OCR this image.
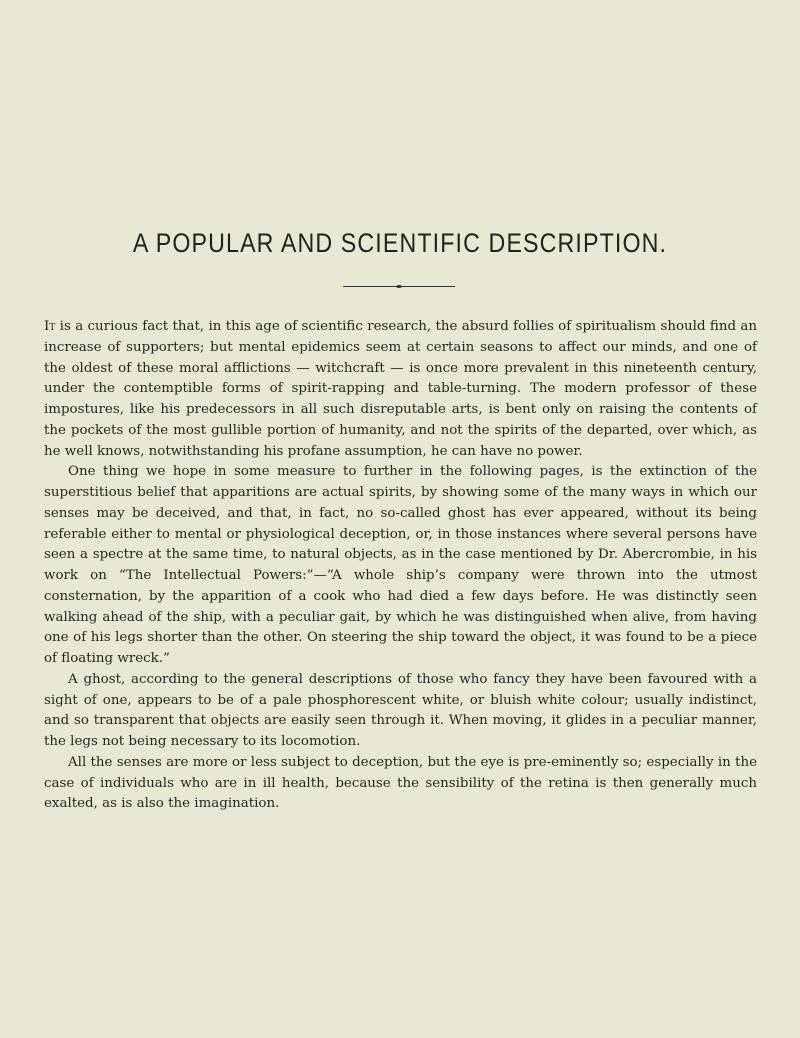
A POPULAR AND SCIENTIFIC DESCRIPTION.

It is a curious fact that, in this age of scientific research, the absurd follies of spiritualism should find an increase of supporters; but mental epidemics seem at certain seasons to affect our minds, and one of the oldest of these moral afflictions — witchcraft — is once more prevalent in this nineteenth century, under the contemptible forms of spirit-rapping and table-turning. The modern professor of these impostures, like his predecessors in all such disreputable arts, is bent only on raising the contents of the pockets of the most gullible portion of humanity, and not the spirits of the departed, over which, as he well knows, notwithstanding his profane assumption, he can have no power.

One thing we hope in some measure to further in the following pages, is the extinction of the superstitious belief that apparitions are actual spirits, by showing some of the many ways in which our senses may be deceived, and that, in fact, no so-called ghost has ever appeared, without its being referable either to mental or physiological deception, or, in those instances where several persons have seen a spectre at the same time, to natural objects, as in the case mentioned by Dr. Abercrombie, in his work on “The Intellectual Powers:”—“A whole ship’s company were thrown into the utmost consternation, by the apparition of a cook who had died a few days before. He was distinctly seen walking ahead of the ship, with a peculiar gait, by which he was distinguished when alive, from having one of his legs shorter than the other. On steering the ship toward the object, it was found to be a piece of floating wreck.”

A ghost, according to the general descriptions of those who fancy they have been favoured with a sight of one, appears to be of a pale phosphorescent white, or bluish white colour; usually indistinct, and so transparent that objects are easily seen through it. When moving, it glides in a peculiar manner, the legs not being necessary to its locomotion.

All the senses are more or less subject to deception, but the eye is pre-eminently so; especially in the case of individuals who are in ill health, because the sensibility of the retina is then generally much exalted, as is also the imagination.
